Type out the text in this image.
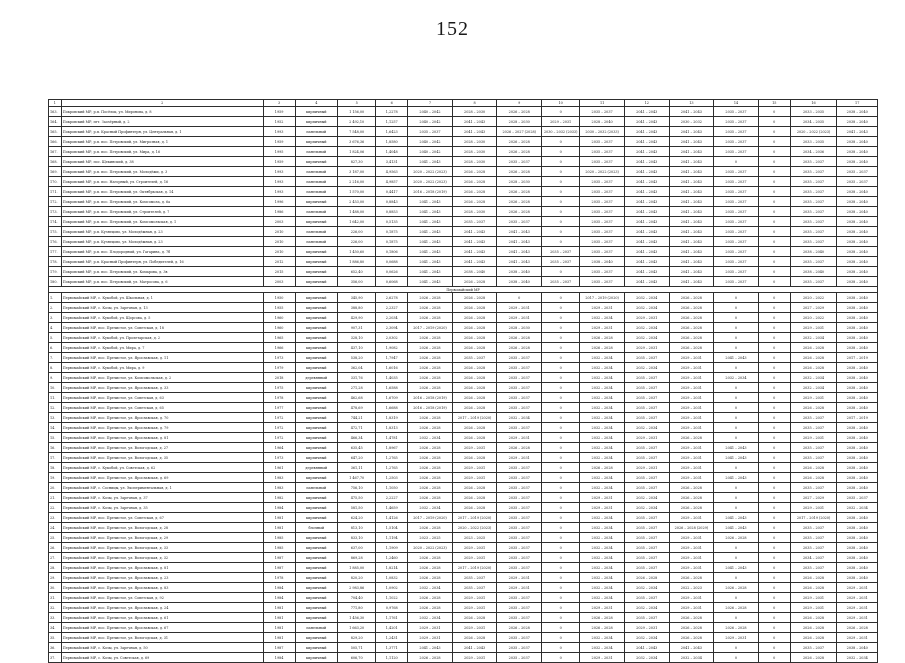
152
1	2	3	4	5	6	7	8	9	10	11	12	13	14	15	16	17
163.	Покровский МР, р.п. Посёлок, ул. Миронова, д. 8	1959	кирпичный	1 156,00	1,2278	2040 – 2042	2028 – 2030	2026 – 2028	0	2035 – 2037	2041 – 2043	2041 – 2043	2035 – 2037	0	2033 – 2035	2038 – 2040
164.	Покровский МР, пгт. Заозёрный, д. 2	1952	кирпичный	2 492,10	1,1257	2040 – 2042	2041 – 2043	2028 – 2030	2029 – 2031	2028 – 2040	2041 – 2043	2030 – 2032	2035 – 2037	0	2034 – 2035	2038 – 2040
165.	Покровский МР, р.п. Красный Профинтерн, ул. Центральная, д. 1	1993	панельный	7 548,00	1,6423	2035 – 2037	2041 – 2043	2026 – 2027 (2028)	2030 – 2032 (2033)	2030 – 2032 (2033)	2041 – 2043	2041 – 2043	2035 – 2037	0	2020 – 2022 (2023)	2041 – 2043
166.	Покровский МР, р.п. пос. Петровский, ул. Мигрозная, д. 1	1959	кирпичный	3 676,36	1,8580	2040 – 2042	2028 – 2030	2026 – 2028	0	2035 – 2037	2041 – 2043	2041 – 2043	2035 – 2037	0	2033 – 2035	2038 – 2040
167.	Покровский МР, р.п. пос. Петровский, ул. Мира, д. 16	1995	панельный	1 824,06	1,4048	2040 – 2042	2028 – 2030	2026 – 2028	0	2035 – 2037	2041 – 2043	2041 – 2043	2035 – 2037	0	2034 – 2036	2038 – 2040
168.	Покровский МР, пос. Щекинский, д. 38	1959	кирпичный	827,30	3,4131	2041 – 2043	2028 – 2030	2035 – 2037	0	2035 – 2037	2041 – 2043	2041 – 2043	0	0	2035 – 2037	2038 – 2040
169.	Покровский МР, р.п. пос. Петровский, ул. Молодёжи, д. 3	1993	панельный	3 187,00	4,9563	2020 – 2022 (2023)	2026 – 2028	2026 – 2028	0	2020 – 2022 (2023)	2041 – 2043	2041 – 2043	2035 – 2037	0	2035 – 2037	2035 – 2037
170.	Покровский МР, р.п. пос. Нагорный, ул. Строителей, д. 16	1993	панельный	2 216,00	4,9857	2020 – 2022 (2023)	2026 – 2028	2028 – 2030	0	2035 – 2037	2041 – 2043	2041 – 2043	2035 – 2037	0	2035 – 2037	2035 – 2037
171.	Покровский МР, р.п. пос. Петровский, ул. Октябрьская, д. 14	1993	панельный	1 570,00	0,4417	2016 – 2018 (2019)	2026 – 2028	2026 – 2028	0	2035 – 2037	2041 – 2043	2041 – 2043	2035 – 2037	0	2035 – 2037	2038 – 2040
172.	Покровский МР, р.п. пос. Петровский, ул. Комсомола, д. 6а	1996	кирпичный	2 453,00	0,8843	2041 – 2043	2026 – 2028	2026 – 2028	0	2035 – 2037	2041 – 2043	2041 – 2043	2035 – 2037	0	2035 – 2037	2038 – 2040
173.	Покровский МР, р.п. пос. Петровский, ул. Строителей, д. 7	1986	панельный	1 488,00	0,8853	2041 – 2043	2028 – 2030	2026 – 2028	0	2035 – 2037	2041 – 2043	2041 – 2043	2035 – 2037	0	2035 – 2037	2038 – 2040
174.	Покровский МР, р.п. пос. Петровский, ул. Комсомольская, д. 1	2003	кирпичный	1 642,00	0,5135	2041 – 2043	2035 – 2037	2035 – 2037	0	2035 – 2037	2041 – 2043	2041 – 2043	2035 – 2037	0	2035 – 2037	2038 – 2040
175.	Покровский МР, р.п. Кузнецово, ул. Молодёжная, д. 23	2010	панельный	226,00	0,1875	2041 – 2043	2041 – 2043	2041 – 2043	0	2035 – 2037	2041 – 2043	2041 – 2043	2035 – 2037	0	2035 – 2037	2038 – 2040
176.	Покровский МР, р.п. Кузнецово, ул. Молодёжная, д. 23	2010	панельный	226,00	0,1875	2041 – 2043	2041 – 2043	2041 – 2043	0	2035 – 2037	2041 – 2043	2041 – 2043	2035 – 2037	0	2035 – 2037	2038 – 2040
177.	Покровский МР, р.п. пос. Плодородный, ул. Гагарина, д. 7б	2010	кирпичный	1 450,60	0,1806	2041 – 2043	2041 – 2043	2041 – 2043	2035 – 2037	2035 – 2037	2041 – 2043	2041 – 2043	2035 – 2037	0	2038 – 2040	2038 – 2040
178.	Покровский МР, р.п. Красный Профинтерн, ул. Победителей, д. 16	2012	кирпичный	1 886,80	0,0688	2041 – 2043	2041 – 2043	2041 – 2043	2035 – 2037	2038 – 2040	2041 – 2043	2041 – 2043	2035 – 2037	0	2035 – 2037	2038 – 2040
179.	Покровский МР, р.п. пос. Петровский, ул. Комарова, д. 3в	2015	кирпичный	652,40	0,0626	2041 – 2043	2038 – 2040	2038 – 2040	0	2035 – 2037	2041 – 2043	2041 – 2043	2035 – 2037	0	2038 – 2040	2038 – 2040
180.	Покровский МР, р.п. пос. Петровский, ул. Матросова, д. 6	2003	кирпичный	356,00	0,6068	2041 – 2043	2026 – 2028	2038 – 2040	2035 – 2037	2035 – 2037	2041 – 2043	2041 – 2043	2035 – 2037	0	2035 – 2037	2038 – 2040
Первомайский МР																
1.	Первомайский МР, с. Кукобой, ул. Школьная, д. 1	1950	кирпичный	345,90	2,6278	2026 – 2028	2026 – 2028	0	0	2017 – 2019 (2020)	2032 – 2034	2026 – 2028	0	0	2020 – 2022	2038 – 2040
2.	Первомайский МР, с. Козы, ул. Заречная, д. 13	1955	кирпичный	388,80	2,2327	2026 – 2028	2026 – 2028	2029 – 2031	0	2029 – 2031	2032 – 2034	2026 – 2028	0	0	2027 – 2029	2038 – 2040
3.	Первомайский МР, с. Кукобой, ул. Щорсова, д. 5	1960	кирпичный	429,90	2,2034	2026 – 2028	2026 – 2028	2029 – 2031	0	2032 – 2034	2029 – 2031	2026 – 2028	0	0	2020 – 2022	2038 – 2040
4.	Первомайский МР, пос. Пречистое, ул. Советская, д. 18	1960	кирпичный	907,31	2,3094	2017 – 2019 (2020)	2026 – 2028	2028 – 2030	0	2029 – 2031	2032 – 2034	2026 – 2028	0	0	2029 – 2031	2038 – 2040
5.	Первомайский МР, с. Кукобой, ул. Пролетарская, д. 2	1965	кирпичный	328,10	2,0302	2026 – 2028	2026 – 2028	2026 – 2028	0	2026 – 2028	2032 – 2034	2026 – 2028	0	0	2032 – 2034	2038 – 2040
6.	Первомайский МР, с. Кукобой, ул. Мира, д. 7	1966	кирпичный	437,10	1,9082	2026 – 2028	2026 – 2028	2026 – 2028	0	2026 – 2028	2029 – 2031	2026 – 2028	0	0	2026 – 2028	2038 – 2040
7.	Первомайский МР, пос. Пречистое, ул. Ярославская, д. 11	1973	кирпичный	538,20	1,7947	2026 – 2028	2035 – 2037	2035 – 2037	0	2032 – 2034	2035 – 2037	2029 – 2031	2041 – 2043	0	2026 – 2028	2017 – 2019
8.	Первомайский МР, с. Кукобой, ул. Мира, д. 9	1979	кирпичный	362,04	1,6016	2026 – 2028	2026 – 2028	2035 – 2037	0	2032 – 2034	2032 – 2034	2029 – 2031	0	0	2026 – 2028	2038 – 2040
9.	Первомайский МР, пос. Пречистое, ул. Комсомольская, д. 2	2018	деревянный	331,76	1,4035	2026 – 2028	2026 – 2028	2035 – 2037	0	2032 – 2034	2035 – 2037	2029 – 2031	2032 – 2034	0	2032 – 2034	2038 – 2040
10.	Первомайский МР, пос. Пречистое, ул. Ярославская, д. 33	1975	кирпичный	271,28	1,6588	2026 – 2028	2026 – 2028	2035 – 2037	0	2032 – 2034	2035 – 2037	2029 – 2031	0	0	2032 – 2034	2038 – 2040
11.	Первомайский МР, пос. Пречистое, ул. Советская, д. 63	1978	кирпичный	462,68	1,6709	2016 – 2018 (2019)	2026 – 2028	2035 – 2037	0	2032 – 2034	2035 – 2037	2029 – 2031	0	0	2029 – 2031	2038 – 2040
12.	Первомайский МР, пос. Пречистое, ул. Советская, д. 65	1977	кирпичный	478,69	1,6688	2016 – 2018 (2019)	2026 – 2028	2035 – 2037	0	2032 – 2034	2035 – 2037	2029 – 2031	0	0	2026 – 2028	2038 – 2040
13.	Первомайский МР, пос. Пречистое, ул. Ярославская, д. 70	1972	кирпичный	744,21	1,8319	2026 – 2028	2017 – 2019 (2020)	2032 – 2034	0	2032 – 2034	2035 – 2037	2029 – 2031	0	0	2035 – 2037	2017 – 2019
14.	Первомайский МР, пос. Пречистое, ул. Ярославская, д. 79	1972	кирпичный	472,71	1,8313	2026 – 2028	2026 – 2028	2035 – 2037	0	2032 – 2034	2032 – 2034	2029 – 2031	0	0	2035 – 2037	2038 – 2040
15.	Первомайский МР, пос. Пречистое, ул. Ярославская, д. 81	1972	кирпичный	466,34	1,4781	2032 – 2034	2026 – 2028	2029 – 2031	0	2032 – 2034	2029 – 2031	2026 – 2028	0	0	2029 – 2031	2038 – 2040
16.	Первомайский МР, пос. Пречистое, ул. Вологодская, д. 27	1964	кирпичный	635,45	1,8967	2026 – 2028	2029 – 2031	2026 – 2028	0	2032 – 2034	2035 – 2037	2029 – 2031	2041 – 2043	0	2035 – 2037	2038 – 2040
17.	Первомайский МР, пос. Пречистое, ул. Вологодская, д. 35	1973	кирпичный	647,20	1,2765	2026 – 2028	2026 – 2028	2029 – 2031	0	2032 – 2034	2035 – 2037	2029 – 2031	2041 – 2043	0	2035 – 2037	2038 – 2040
18.	Первомайский МР, с. Кукобой, ул. Советская, д. 62	1961	деревянный	361,11	1,2765	2026 – 2028	2029 – 2031	2035 – 2037	0	2026 – 2028	2029 – 2031	2029 – 2031	0	0	2026 – 2028	2038 – 2040
19.	Первомайский МР, пос. Пречистое, ул. Ярославская, д. 69	1983	кирпичный	1 467,70	1,2503	2026 – 2028	2029 – 2031	2035 – 2037	0	2032 – 2034	2035 – 2037	2029 – 2031	2041 – 2043	0	2026 – 2028	2038 – 2040
20.	Первомайский МР, с. Сосницы, ул. Экспериментальная, д. 1	1983	панельный	756,10	1,1050	2026 – 2028	2026 – 2028	2035 – 2037	0	2032 – 2034	2035 – 2037	2026 – 2028	0	0	2035 – 2037	2038 – 2040
21.	Первомайский МР, с. Козы, ул. Заречная, д. 37	1982	кирпичный	475,50	2,2227	2026 – 2028	2026 – 2028	2035 – 2037	0	2029 – 2031	2032 – 2034	2026 – 2028	0	0	2027 – 2029	2035 – 2037
22.	Первомайский МР, с. Козы, ул. Заречная, д. 35	1984	кирпичный	581,50	1,4659	2032 – 2034	2026 – 2028	2035 – 2037	0	2029 – 2031	2032 – 2034	2026 – 2028	0	0	2029 – 2031	2032 – 2034
23.	Первомайский МР, пос. Пречистое, ул. Советская, д. 67	1981	кирпичный	624,20	1,4126	2017 – 2019 (2020)	2017 – 2019 (2020)	2035 – 2037	0	2032 – 2034	2035 – 2037	2029 – 2031	2041 – 2043	0	2017 – 2019 (2020)	2038 – 2040
24.	Первомайский МР, пос. Пречистое, ул. Вологодская, д. 28	1981	блочный	813,10	1,5104	2026 – 2028	2020 – 2022 (2023)	2035 – 2037	0	2032 – 2034	2035 – 2037	2026 – 2028 (2029)	2041 – 2043	0	2035 – 2037	2038 – 2040
25.	Первомайский МР, пос. Пречистое, ул. Вологодская, д. 29	1985	кирпичный	833,10	1,1194	2023 – 2025	2023 – 2025	2035 – 2037	0	2032 – 2034	2035 – 2037	2029 – 2031	2026 – 2028	0	2035 – 2037	2038 – 2040
26.	Первомайский МР, пос. Пречистое, ул. Вологодская, д. 33	1985	кирпичный	637,00	1,1909	2020 – 2022 (2023)	2029 – 2031	2035 – 2037	0	2032 – 2034	2035 – 2037	2029 – 2031	0	0	2035 – 2037	2038 – 2040
27.	Первомайский МР, пос. Пречистое, ул. Вологодская, д. 32	1987	кирпичный	869,28	1,2460	2026 – 2028	2029 – 2031	2035 – 2037	0	2032 – 2034	2035 – 2037	2029 – 2031	0	0	2034 – 2037	2038 – 2040
28.	Первомайский МР, пос. Пречистое, ул. Ярославская, д. 81	1987	кирпичный	1 885,00	1,8214	2026 – 2028	2017 – 2019 (2020)	2035 – 2037	0	2032 – 2034	2035 – 2037	2029 – 2031	2041 – 2043	0	2035 – 2037	2038 – 2040
29.	Первомайский МР, пос. Пречистое, ул. Ярославская, д. 23	1978	кирпичный	820,20	1,0832	2026 – 2028	2035 – 2037	2029 – 2031	0	2032 – 2034	2026 – 2028	2026 – 2028	0	0	2026 – 2028	2038 – 2040
30.	Первомайский МР, пос. Пречистое, ул. Ярославская, д. 83	1984	кирпичный	2 983,86	1,0902	2032 – 2034	2035 – 2037	2029 – 2031	0	2032 – 2034	2032 – 2034	2022 – 2023	2026 – 2028	0	2026 – 2028	2029 – 2031
31.	Первомайский МР, пос. Пречистое, ул. Советская, д. 92	1984	кирпичный	704,40	1,1022	2026 – 2028	2029 – 2031	2035 – 2037	0	2032 – 2034	2035 – 2037	2029 – 2031	0	0	2029 – 2031	2029 – 2031
32.	Первомайский МР, пос. Пречистое, ул. Ярославская, д. 24	1981	кирпичный	771,80	0,9768	2026 – 2028	2029 – 2031	2035 – 2037	0	2029 – 2031	2032 – 2034	2029 – 2031	2026 – 2028	0	2029 – 2031	2029 – 2031
33.	Первомайский МР, пос. Пречистое, ул. Ярославская, д. 61	1981	кирпичный	1 456,30	1,1761	2032 – 2034	2026 – 2028	2035 – 2037	0	2026 – 2028	2035 – 2037	2026 – 2028	0	0	2026 – 2028	2029 – 2031
34.	Первомайский МР, пос. Пречистое, ул. Ярославская, д. 67	1981	панельный	1 663,20	1,4201	2029 – 2031	2029 – 2031	2026 – 2028	0	2026 – 2028	2029 – 2031	2026 – 2028	2026 – 2028	0	2026 – 2028	2026 – 2028
35.	Первомайский МР, пос. Пречистое, ул. Вологодская, д. 31	1981	кирпичный	829,20	1,2431	2029 – 2031	2026 – 2028	2035 – 2037	0	2032 – 2034	2032 – 2034	2026 – 2028	2029 – 2031	0	2026 – 2028	2029 – 2031
36.	Первомайский МР, с. Козы, ул. Заречная, д. 50	1987	кирпичный	505,71	1,3771	2041 – 2043	2041 – 2043	2035 – 2037	0	2032 – 2034	2041 – 2043	2041 – 2043	0	0	2035 – 2037	2038 – 2040
37.	Первомайский МР, с. Козы, ул. Советская, д. 69	1984	кирпичный	606,70	1,1120	2026 – 2028	2029 – 2031	2035 – 2037	0	2029 – 2031	2032 – 2034	2032 – 2034	0	0	2026 – 2028	2032 – 2034
